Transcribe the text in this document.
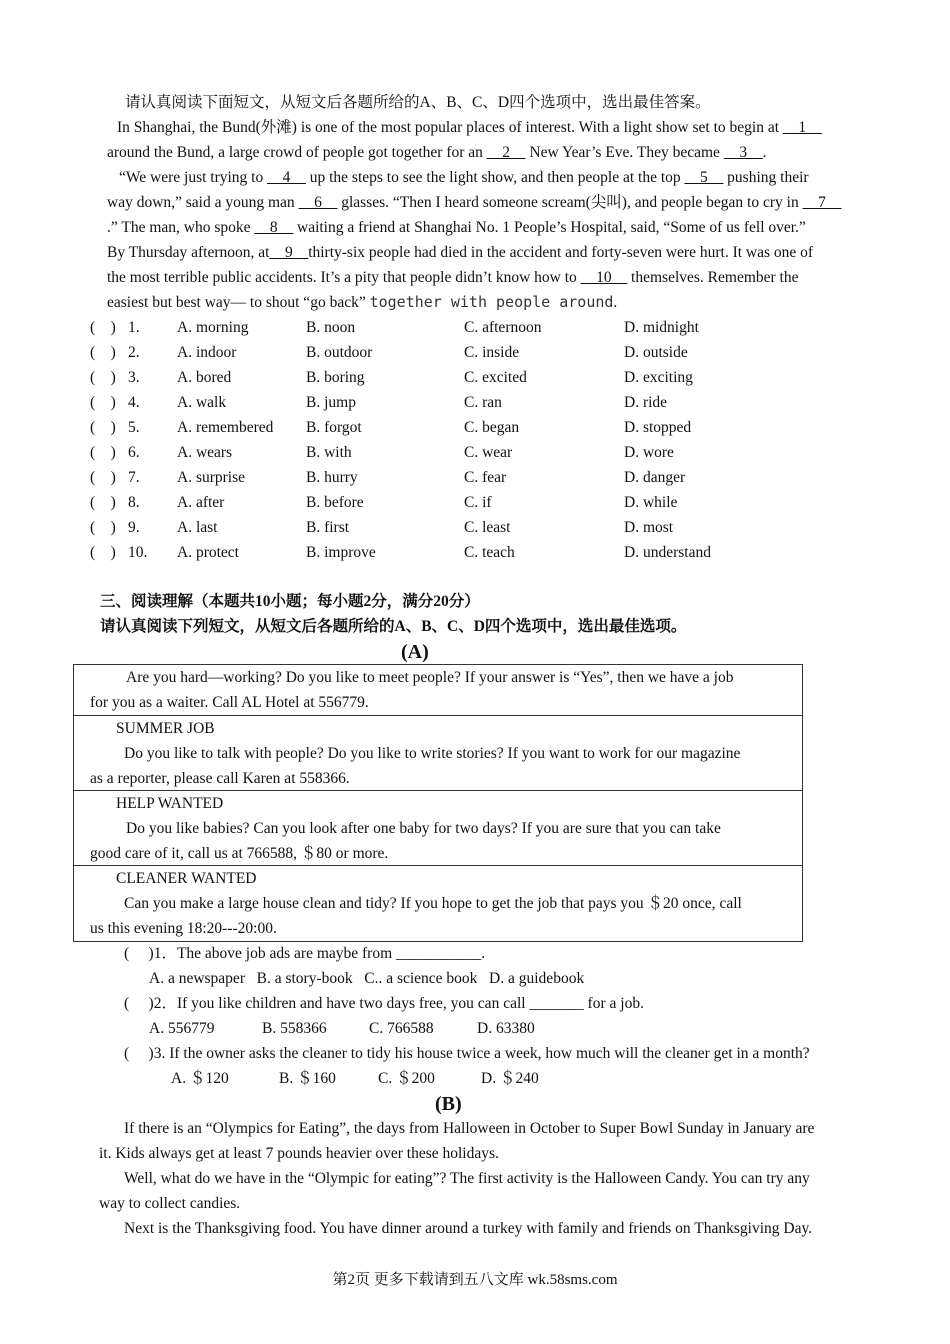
请认真阅读下面短文，从短文后各题所给的A、B、C、D四个选项中，选出最佳答案。
In Shanghai, the Bund(外滩) is one of the most popular places of interest. With a light show set to begin at __1__
around the Bund, a large crowd of people got together for an __2__ New Year’s Eve. They became __3__.
“We were just trying to __4__ up the steps to see the light show, and then people at the top __5__ pushing their
way down,” said a young man __6__ glasses. “Then I heard someone scream(尖叫), and people began to cry in __7__
.” The man, who spoke __8__ waiting a friend at Shanghai No. 1 People’s Hospital, said, “Some of us fell over.”
By Thursday afternoon, at__9__thirty-six people had died in the accident and forty-seven were hurt. It was one of
the most terrible public accidents. It’s a pity that people didn’t know how to __10__ themselves. Remember the
easiest but best way— to shout “go back” together with people around.
(　) 1. A. morning	B. noon	C. afternoon	D. midnight
(　) 2. A. indoor	B. outdoor	C. inside	D. outside
(　) 3. A. bored	B. boring	C. excited	D. exciting
(　) 4. A. walk	B. jump	C. ran	D. ride
(　) 5. A. remembered B. forgot	C. began	D. stopped
(　) 6. A. wears	B. with	C. wear	D. wore
(　) 7. A. surprise	B. hurry	C. fear	D. danger
(　) 8. A. after	B. before	C. if	D. while
(　) 9. A. last	B. first	C. least	D. most
(　) 10. A. protect	B. improve	C. teach	D. understand
三、阅读理解（本题共10小题；每小题2分，满分20分）
请认真阅读下列短文，从短文后各题所给的A、B、C、D四个选项中，选出最佳选项。
(A)
Are you hard—working? Do you like to meet people? If your answer is “Yes”, then we have a job
for you as a waiter. Call AL Hotel at 556779.
SUMMER JOB
Do you like to talk with people? Do you like to write stories? If you want to work for our magazine
as a reporter, please call Karen at 558366.
HELP WANTED
Do you like babies? Can you look after one baby for two days? If you are sure that you can take
good care of it, call us at 766588, ＄80 or more.
CLEANER WANTED
Can you make a large house clean and tidy? If you hope to get the job that pays you ＄20 once, call
us this evening 18:20---20:00.
(　 )1．The above job ads are maybe from ___________.
A. a newspaper   B. a story-book   C.. a science book   D. a guidebook
(　 )2．If you like children and have two days free, you can call _______ for a job.
A. 556779	B. 558366	C. 766588	D. 63380
(　 )3. If the owner asks the cleaner to tidy his house twice a week, how much will the cleaner get in a month?
A. ＄120	B. ＄160	C. ＄200	D. ＄240
(B)
If there is an “Olympics for Eating”, the days from Halloween in October to Super Bowl Sunday in January are
it. Kids always get at least 7 pounds heavier over these holidays.
Well, what do we have in the “Olympic for eating”? The first activity is the Halloween Candy. You can try any
way to collect candies.
Next is the Thanksgiving food. You have dinner around a turkey with family and friends on Thanksgiving Day.
第2页 更多下载请到五八文库 wk.58sms.com
